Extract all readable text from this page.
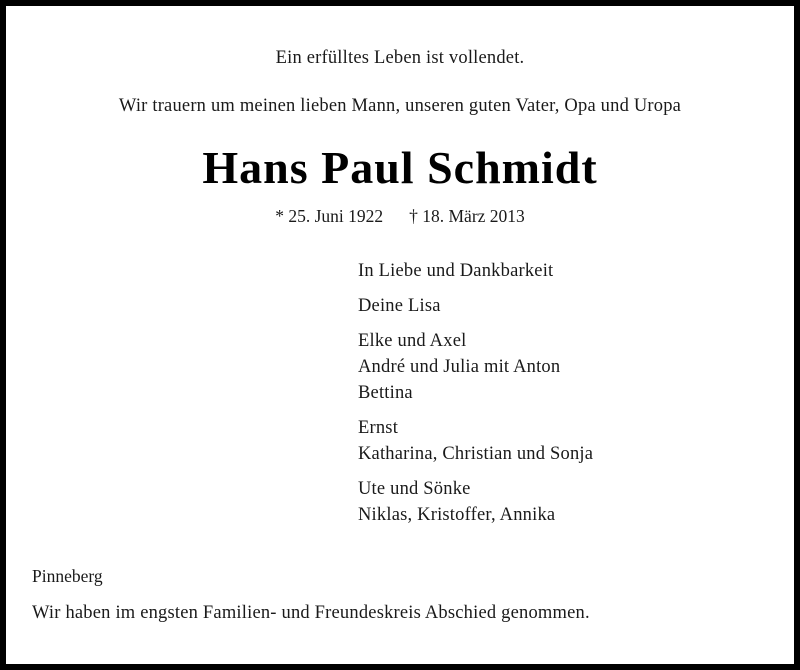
Ein erfülltes Leben ist vollendet.
Wir trauern um meinen lieben Mann, unseren guten Vater, Opa und Uropa
Hans Paul Schmidt
* 25. Juni 1922 † 18. März 2013
In Liebe und Dankbarkeit
Deine Lisa
Elke und Axel
André und Julia mit Anton
Bettina
Ernst
Katharina, Christian und Sonja
Ute und Sönke
Niklas, Kristoffer, Annika
Pinneberg
Wir haben im engsten Familien- und Freundeskreis Abschied genommen.
